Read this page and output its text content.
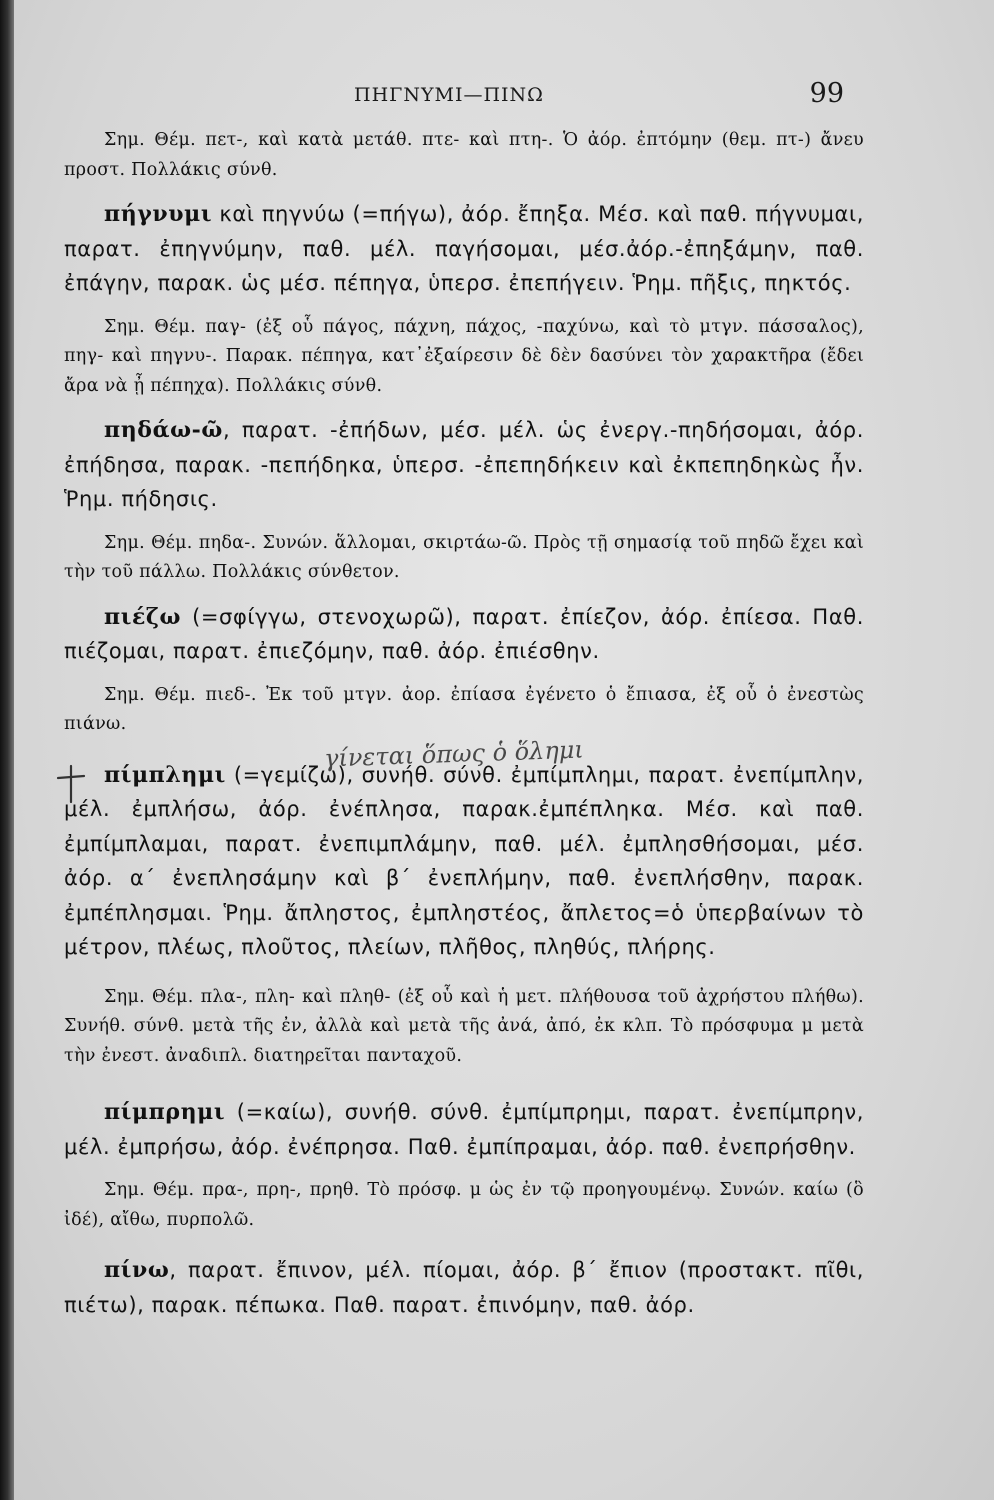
ΠΗΓΝΥΜΙ—ΠΙΝΩ	99

Σημ. Θέμ. πετ-, καὶ κατὰ μετάθ. πτε- καὶ πτη-. Ὁ ἀόρ. ἐπτόμην (θεμ. πτ-) ἄνευ προστ. Πολλάκις σύνθ.

πήγνυμι καὶ πηγνύω (=πήγω), ἀόρ. ἔπηξα. Μέσ. καὶ παθ. πήγνυμαι, παρατ. ἐπηγνύμην, παθ. μέλ. παγήσομαι, μέσ.ἀόρ.-ἐπηξάμην, παθ. ἐπάγην, παρακ. ὡς μέσ. πέπηγα, ὑπερσ. ἐπεπήγειν. Ῥημ. πῆξις, πηκτός.

Σημ. Θέμ. παγ- (ἐξ οὗ πάγος, πάχνη, πάχος, -παχύνω, καὶ τὸ μτγν. πάσσαλος), πηγ- καὶ πηγνυ-. Παρακ. πέπηγα, κατ᾽ἐξαίρεσιν δὲ δὲν δασύνει τὸν χαρακτῆρα (ἔδει ἄρα νὰ ᾖ πέπηχα). Πολλάκις σύνθ.

πηδάω-ῶ, παρατ. -ἐπήδων, μέσ. μέλ. ὡς ἐνεργ.-πηδήσομαι, ἀόρ. ἐπήδησα, παρακ. -πεπήδηκα, ὑπερσ. -ἐπεπηδήκειν καὶ ἐκπεπηδηκὼς ἦν. Ῥημ. πήδησις.

Σημ. Θέμ. πηδα-. Συνών. ἅλλομαι, σκιρτάω-ῶ. Πρὸς τῇ σημασίᾳ τοῦ πηδῶ ἔχει καὶ τὴν τοῦ πάλλω. Πολλάκις σύνθετον.

πιέζω (=σφίγγω, στενοχωρῶ), παρατ. ἐπίεζον, ἀόρ. ἐπίεσα. Παθ. πιέζομαι, παρατ. ἐπιεζόμην, παθ. ἀόρ. ἐπιέσθην.

Σημ. Θέμ. πιεδ-. Ἐκ τοῦ μτγν. ἀορ. ἐπίασα ἐγένετο ὁ ἔπιασα, ἐξ οὗ ὁ ἐνεστὼς πιάνω.

πίμπλημι (=γεμίζω), συνήθ. σύνθ. ἐμπίμπλημι, παρατ. ἐνεπίμπλην, μέλ. ἐμπλήσω, ἀόρ. ἐνέπλησα, παρακ.ἐμπέπληκα. Μέσ. καὶ παθ. ἐμπίμπλαμαι, παρατ. ἐνεπιμπλάμην, παθ. μέλ. ἐμπλησθήσομαι, μέσ. ἀόρ. α΄ ἐνεπλησάμην καὶ β΄ ἐνεπλήμην, παθ. ἐνεπλήσθην, παρακ. ἐμπέπλησμαι. Ῥημ. ἄπληστος, ἐμπληστέος, ἄπλετος=ὁ ὑπερβαίνων τὸ μέτρον, πλέως, πλοῦτος, πλείων, πλῆθος, πληθύς, πλήρης.

Σημ. Θέμ. πλα-, πλη- καὶ πληθ- (ἐξ οὗ καὶ ἡ μετ. πλήθουσα τοῦ ἀχρήστου πλήθω). Συνήθ. σύνθ. μετὰ τῆς ἐν, ἀλλὰ καὶ μετὰ τῆς ἀνά, ἀπό, ἐκ κλπ. Τὸ πρόσφυμα μ μετὰ τὴν ἐνεστ. ἀναδιπλ. διατηρεῖται πανταχοῦ.

πίμπρημι (=καίω), συνήθ. σύνθ. ἐμπίμπρημι, παρατ. ἐνεπίμπρην, μέλ. ἐμπρήσω, ἀόρ. ἐνέπρησα. Παθ. ἐμπίπραμαι, ἀόρ. παθ. ἐνεπρήσθην.

Σημ. Θέμ. πρα-, πρη-, πρηθ. Τὸ πρόσφ. μ ὡς ἐν τῷ προηγουμένῳ. Συνών. καίω (ὃ ἰδέ), αἴθω, πυρπολῶ.

πίνω, παρατ. ἔπινον, μέλ. πίομαι, ἀόρ. β΄ ἔπιον (προστακτ. πῖθι, πιέτω), παρακ. πέπωκα. Παθ. παρατ. ἐπινόμην, παθ. ἀόρ.

γίνεται ὅπως ὁ ὅλημι
